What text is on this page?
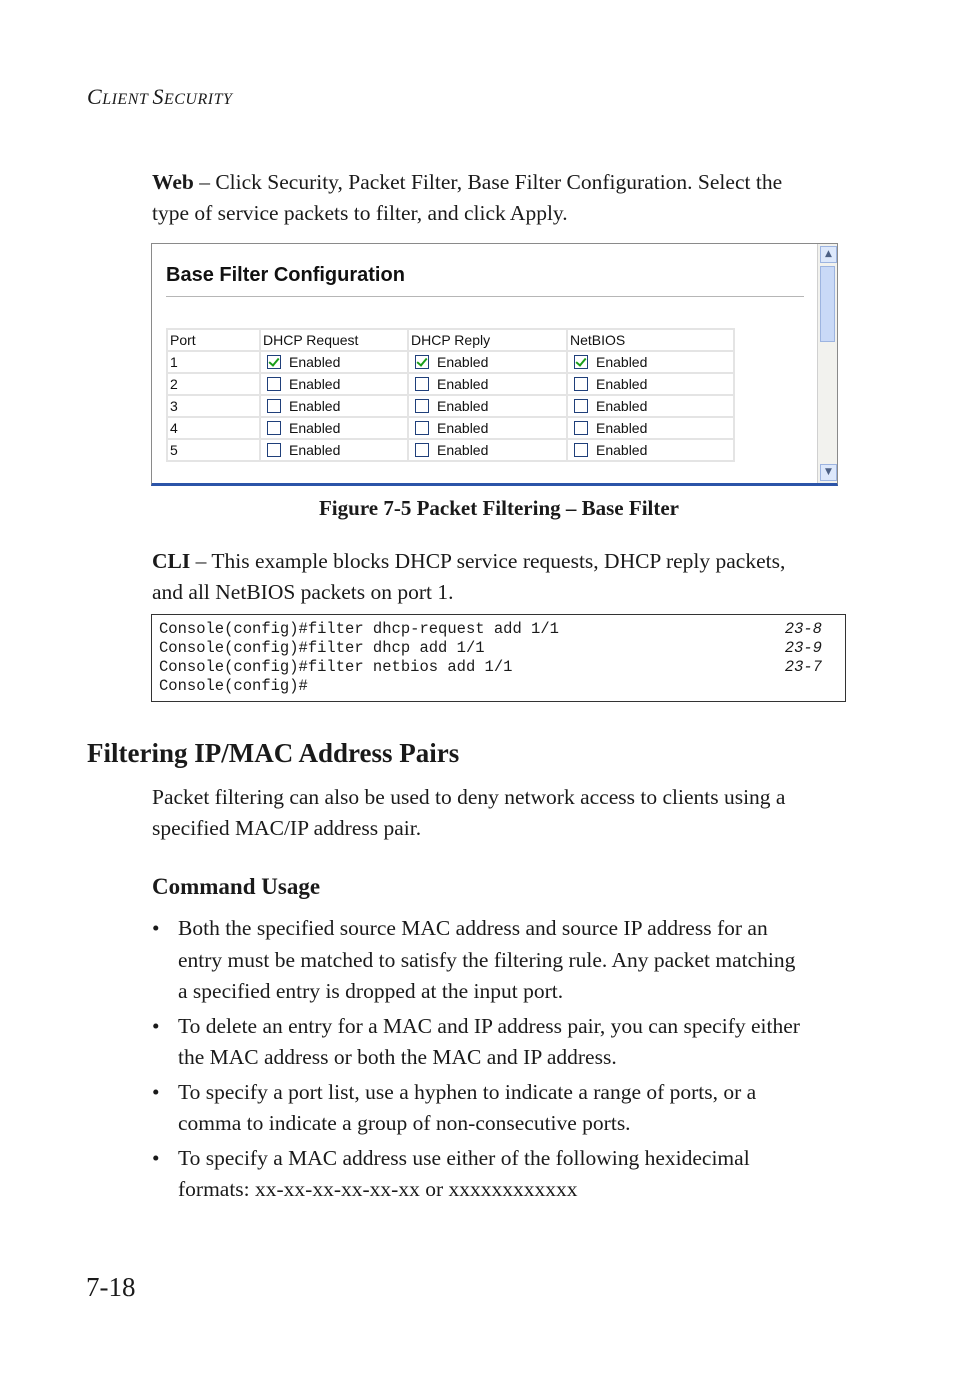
CLIENT SECURITY
Web – Click Security, Packet Filter, Base Filter Configuration. Select the
type of service packets to filter, and click Apply.
Base Filter Configuration
Port	DHCP Request	DHCP Reply	NetBIOS
1	Enabled	Enabled	Enabled
2	Enabled	Enabled	Enabled
3	Enabled	Enabled	Enabled
4	Enabled	Enabled	Enabled
5	Enabled	Enabled	Enabled
▲
▼
Figure 7-5 Packet Filtering – Base Filter
CLI – This example blocks DHCP service requests, DHCP reply packets,
and all NetBIOS packets on port 1.
Console(config)#filter dhcp-request add 1/1	23-8
Console(config)#filter dhcp add 1/1	23-9
Console(config)#filter netbios add 1/1	23-7
Console(config)#
Filtering IP/MAC Address Pairs
Packet filtering can also be used to deny network access to clients using a
specified MAC/IP address pair.
Command Usage
• Both the specified source MAC address and source IP address for an
entry must be matched to satisfy the filtering rule. Any packet matching
a specified entry is dropped at the input port.
• To delete an entry for a MAC and IP address pair, you can specify either
the MAC address or both the MAC and IP address.
• To specify a port list, use a hyphen to indicate a range of ports, or a
comma to indicate a group of non-consecutive ports.
• To specify a MAC address use either of the following hexidecimal
formats: xx-xx-xx-xx-xx-xx or xxxxxxxxxxxx
7-18
